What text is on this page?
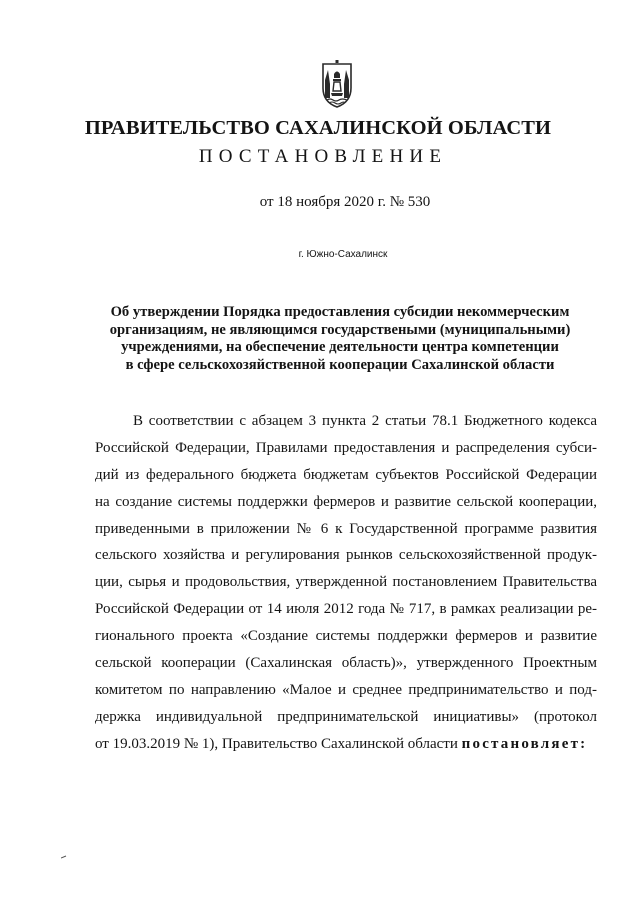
ПРАВИТЕЛЬСТВО САХАЛИНСКОЙ ОБЛАСТИ
ПОСТАНОВЛЕНИЕ
от 18 ноября 2020 г. № 530
г. Южно-Сахалинск
Об утверждении Порядка предоставления субсидии некоммерческим
организациям, не являющимся государствеными (муниципальными)
учреждениями, на обеспечение деятельности центра компетенции
в сфере сельскохозяйственной кооперации Сахалинской области
В соответствии с абзацем 3 пункта 2 статьи 78.1 Бюджетного кодекса
Российской Федерации, Правилами предоставления и распределения субси-
дий из федерального бюджета бюджетам субъектов Российской Федерации
на создание системы поддержки фермеров и развитие сельской кооперации,
приведенными в приложении № 6 к Государственной программе развития
сельского хозяйства и регулирования рынков сельскохозяйственной продук-
ции, сырья и продовольствия, утвержденной постановлением Правительства
Российской Федерации от 14 июля 2012 года № 717, в рамках реализации ре-
гионального проекта «Создание системы поддержки фермеров и развитие
сельской кооперации (Сахалинская область)», утвержденного Проектным
комитетом по направлению «Малое и среднее предпринимательство и под-
держка индивидуальной предпринимательской инициативы» (протокол
от 19.03.2019 № 1), Правительство Сахалинской области постановляет:
